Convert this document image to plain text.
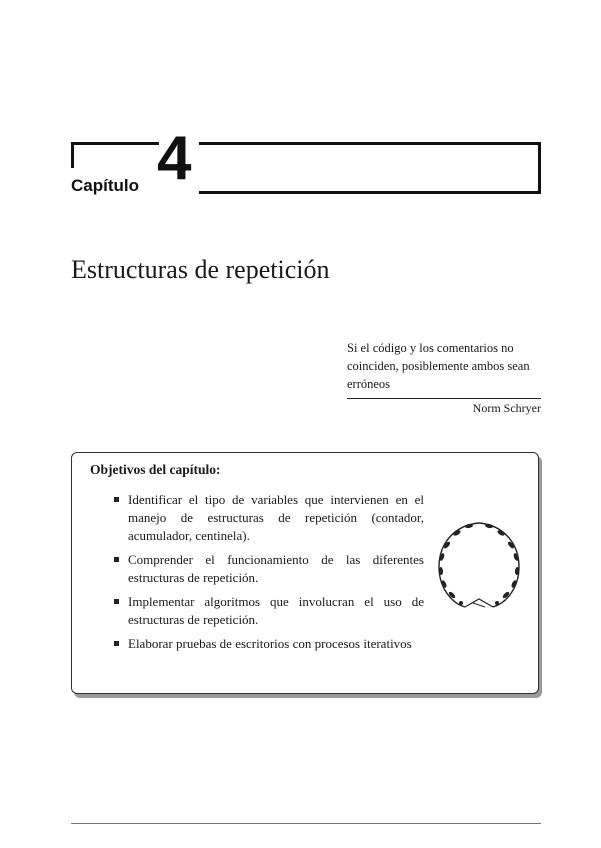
Capítulo 4
Estructuras de repetición
Si el código y los comentarios no coinciden, posiblemente ambos sean erróneos
Norm Schryer
Objetivos del capítulo:
Identificar el tipo de variables que intervienen en el manejo de estructuras de repetición (contador, acumulador, centinela).
Comprender el funcionamiento de las diferentes estructuras de repetición.
Implementar algoritmos que involucran el uso de estructuras de repetición.
Elaborar pruebas de escritorios con procesos iterativos
